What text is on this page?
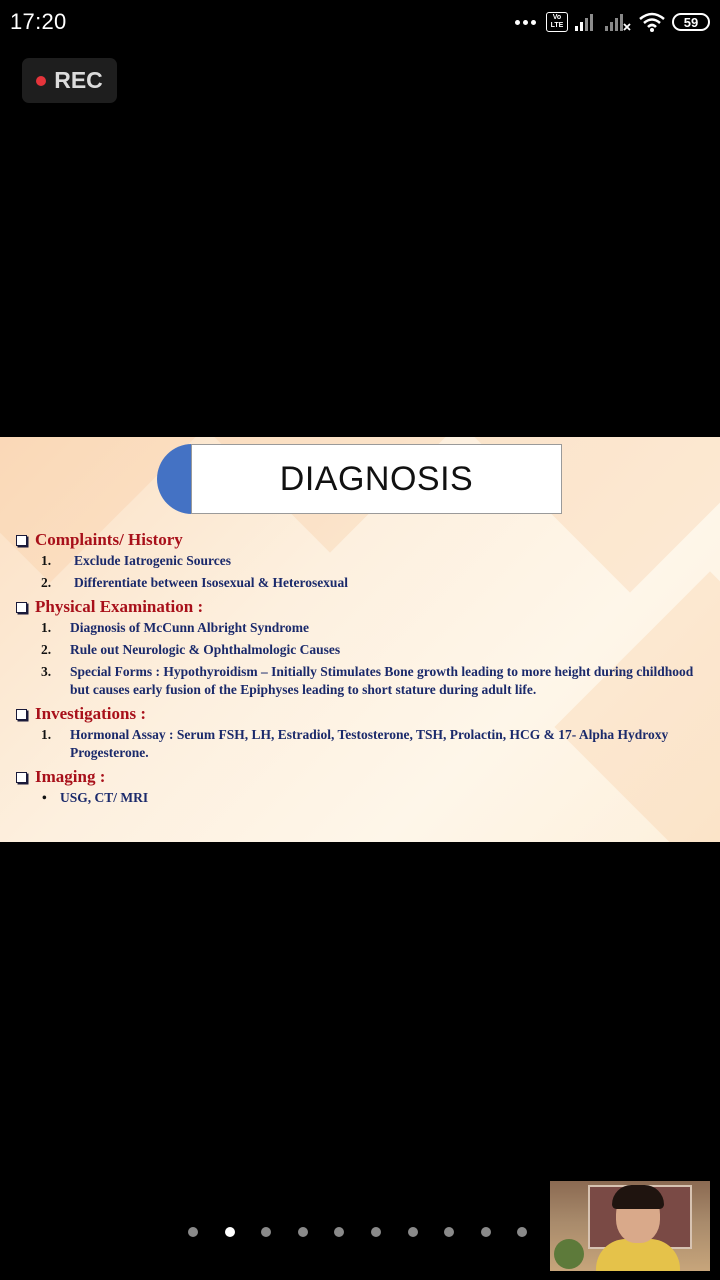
17:20	Vo
LTE	59
REC
DIAGNOSIS
Complaints/ History
1.	Exclude Iatrogenic Sources
2.	Differentiate between Isosexual & Heterosexual
Physical Examination :
1.	Diagnosis of McCunn Albright Syndrome
2.	Rule out Neurologic & Ophthalmologic Causes
3.	Special Forms : Hypothyroidism – Initially Stimulates Bone growth leading to more height during childhood but causes early fusion of the Epiphyses leading to short stature during adult life.
Investigations :
1.	Hormonal Assay : Serum FSH, LH, Estradiol, Testosterone, TSH, Prolactin, HCG & 17- Alpha Hydroxy Progesterone.
Imaging :
• USG, CT/ MRI
